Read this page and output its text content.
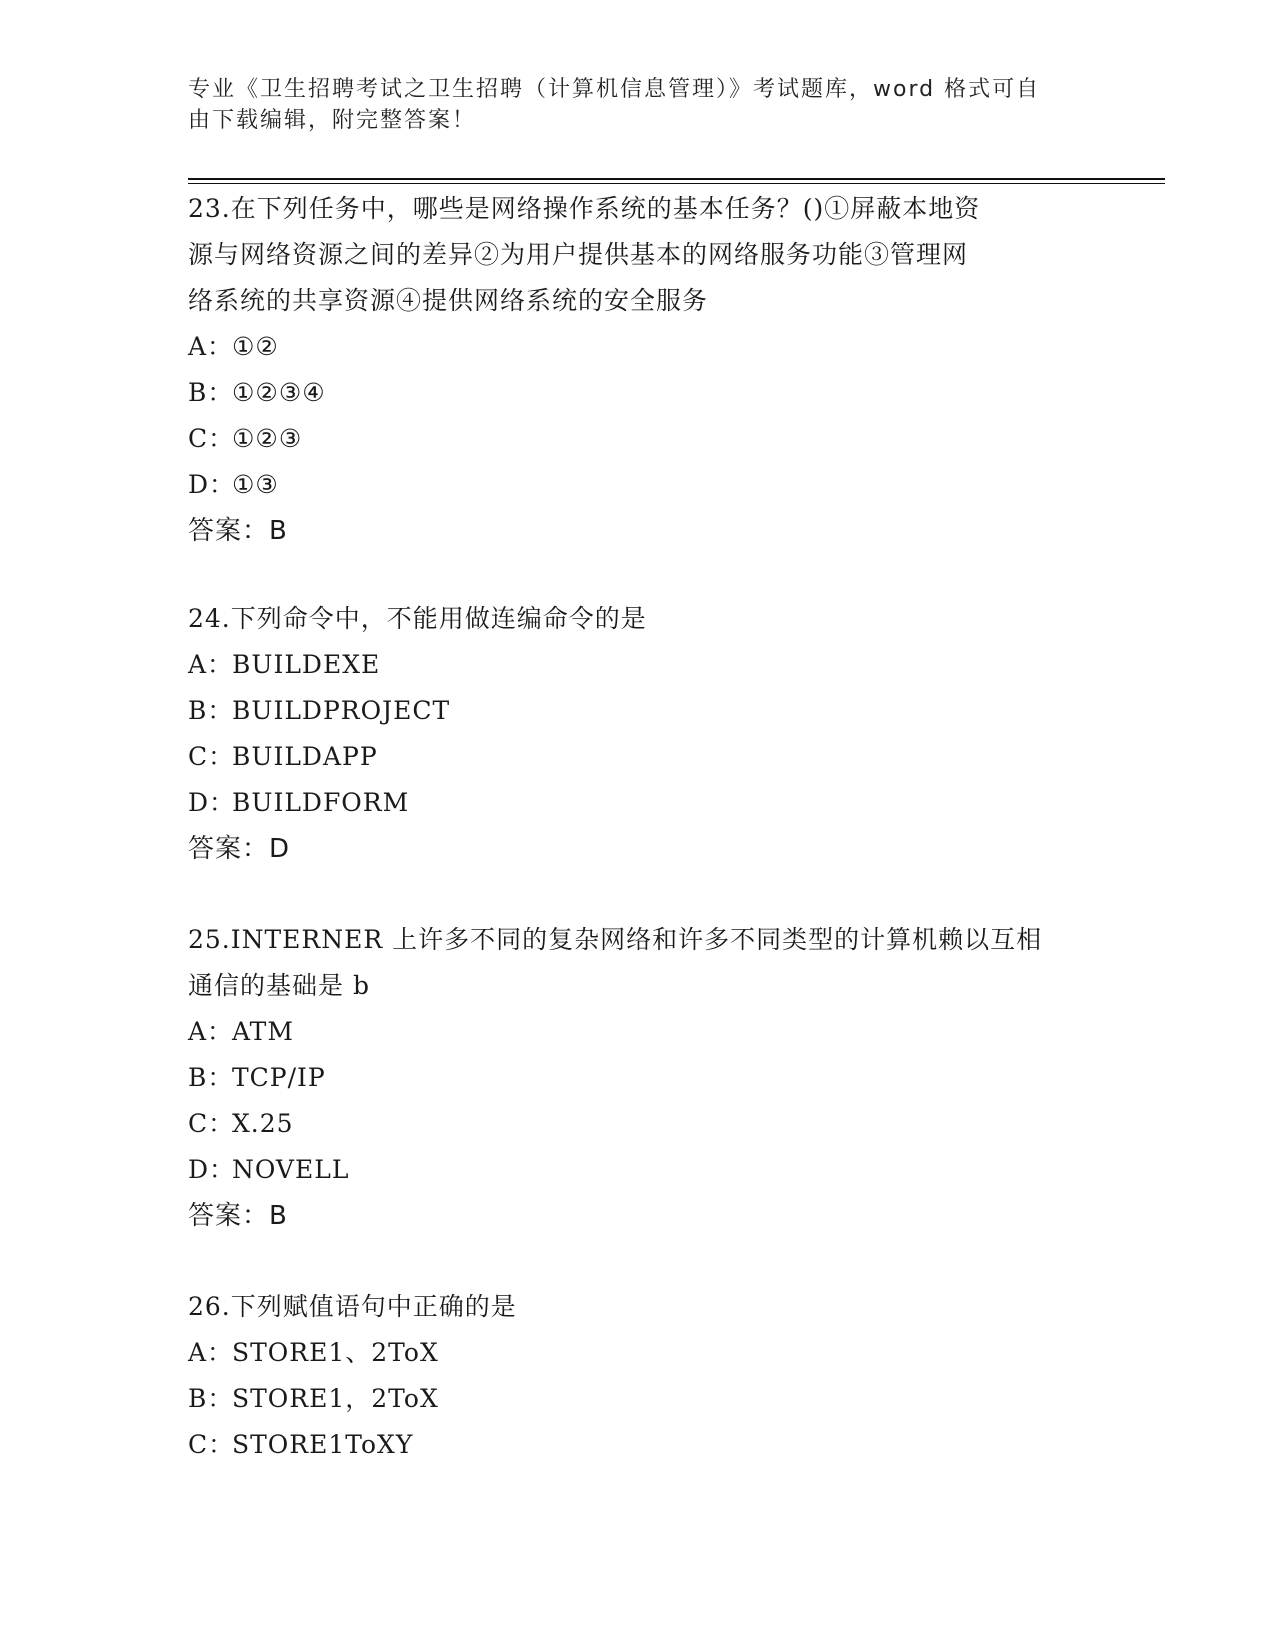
专业《卫生招聘考试之卫生招聘（计算机信息管理）》考试题库，word 格式可自
由下载编辑，附完整答案！
23.在下列任务中，哪些是网络操作系统的基本任务？()①屏蔽本地资
源与网络资源之间的差异②为用户提供基本的网络服务功能③管理网
络系统的共享资源④提供网络系统的安全服务
A：①②
B：①②③④
C：①②③
D：①③
答案：B
24.下列命令中，不能用做连编命令的是
A：BUILDEXE
B：BUILDPROJECT
C：BUILDAPP
D：BUILDFORM
答案：D
25.INTERNER 上许多不同的复杂网络和许多不同类型的计算机赖以互相
通信的基础是 b
A：ATM
B：TCP/IP
C：X.25
D：NOVELL
答案：B
26.下列赋值语句中正确的是
A：STORE1、2ToX
B：STORE1，2ToX
C：STORE1ToXY
